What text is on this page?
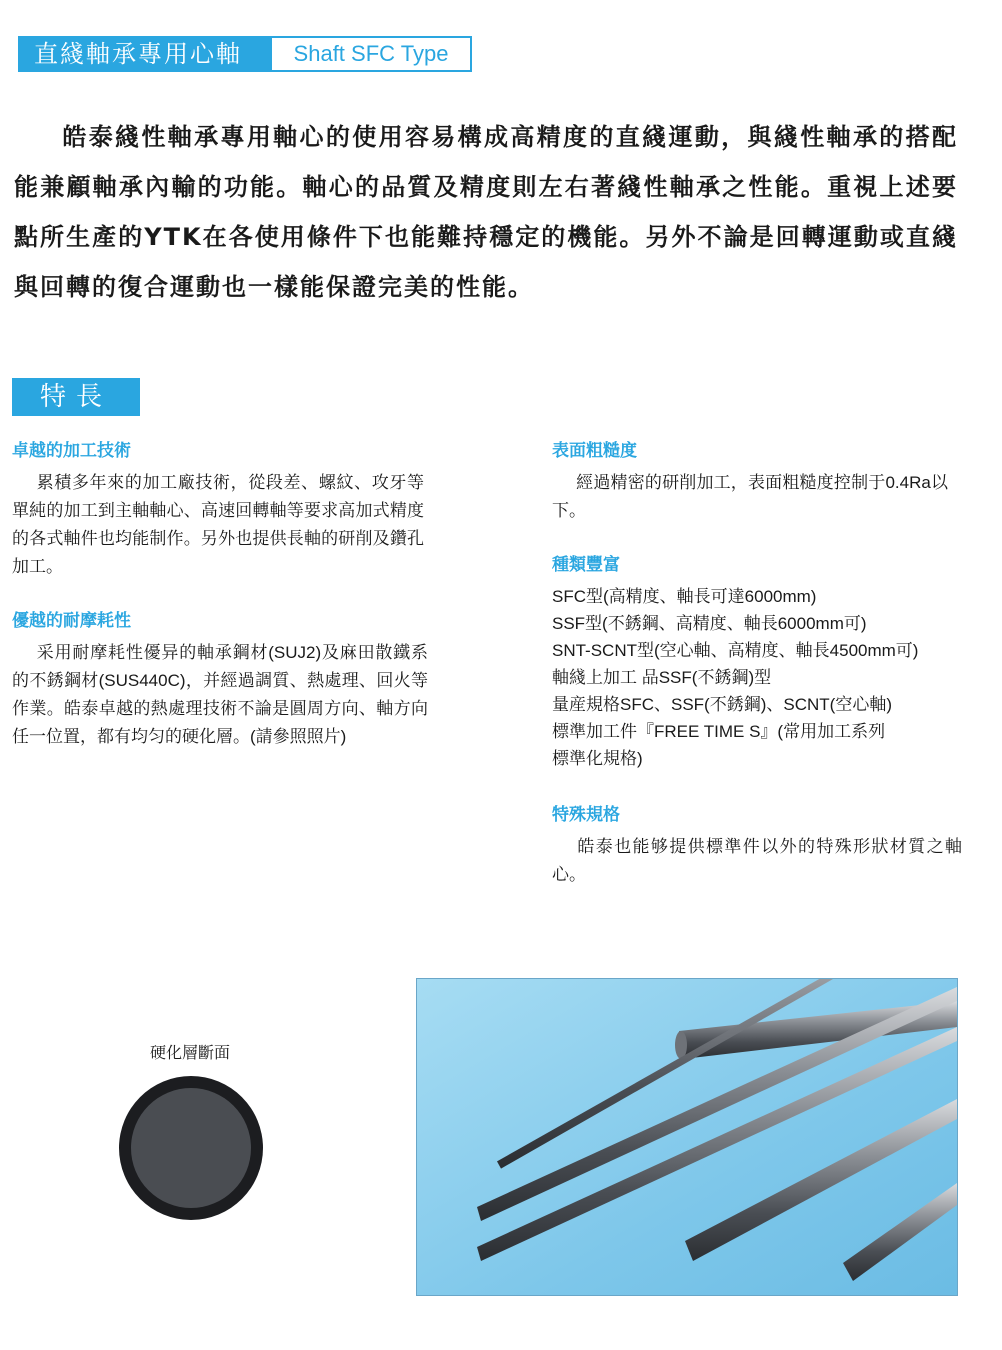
直綫軸承專用心軸	Shaft SFC Type

皓泰綫性軸承專用軸心的使用容易構成高精度的直綫運動，與綫性軸承的搭配能兼顧軸承內輸的功能。軸心的品質及精度則左右著綫性軸承之性能。重視上述要點所生產的YTK在各使用條件下也能難持穩定的機能。另外不論是回轉運動或直綫與回轉的復合運動也一樣能保證完美的性能。

特長
卓越的加工技術

累積多年來的加工廠技術，從段差、螺紋、攻牙等單純的加工到主軸軸心、高速回轉軸等要求高加式精度的各式軸件也均能制作。另外也提供長軸的研削及鑽孔加工。

優越的耐摩耗性

采用耐摩耗性優异的軸承鋼材(SUJ2)及麻田散鐵系的不銹鋼材(SUS440C)，并經過調質、熱處理、回火等作業。皓泰卓越的熱處理技術不論是圓周方向、軸方向任一位置，都有均匀的硬化層。(請參照照片)

表面粗糙度

經過精密的研削加工，表面粗糙度控制于0.4Ra以下。

種類豐富
SFC型(高精度、軸長可達6000mm)
SSF型(不銹鋼、高精度、軸長6000mm可)
SNT-SCNT型(空心軸、高精度、軸長4500mm可)
軸綫上加工 品SSF(不銹鋼)型
量産規格SFC、SSF(不銹鋼)、SCNT(空心軸)
標準加工件『FREE TIME S』(常用加工系列
標準化規格)
特殊規格

皓泰也能够提供標準件以外的特殊形狀材質之軸心。

硬化層斷面
